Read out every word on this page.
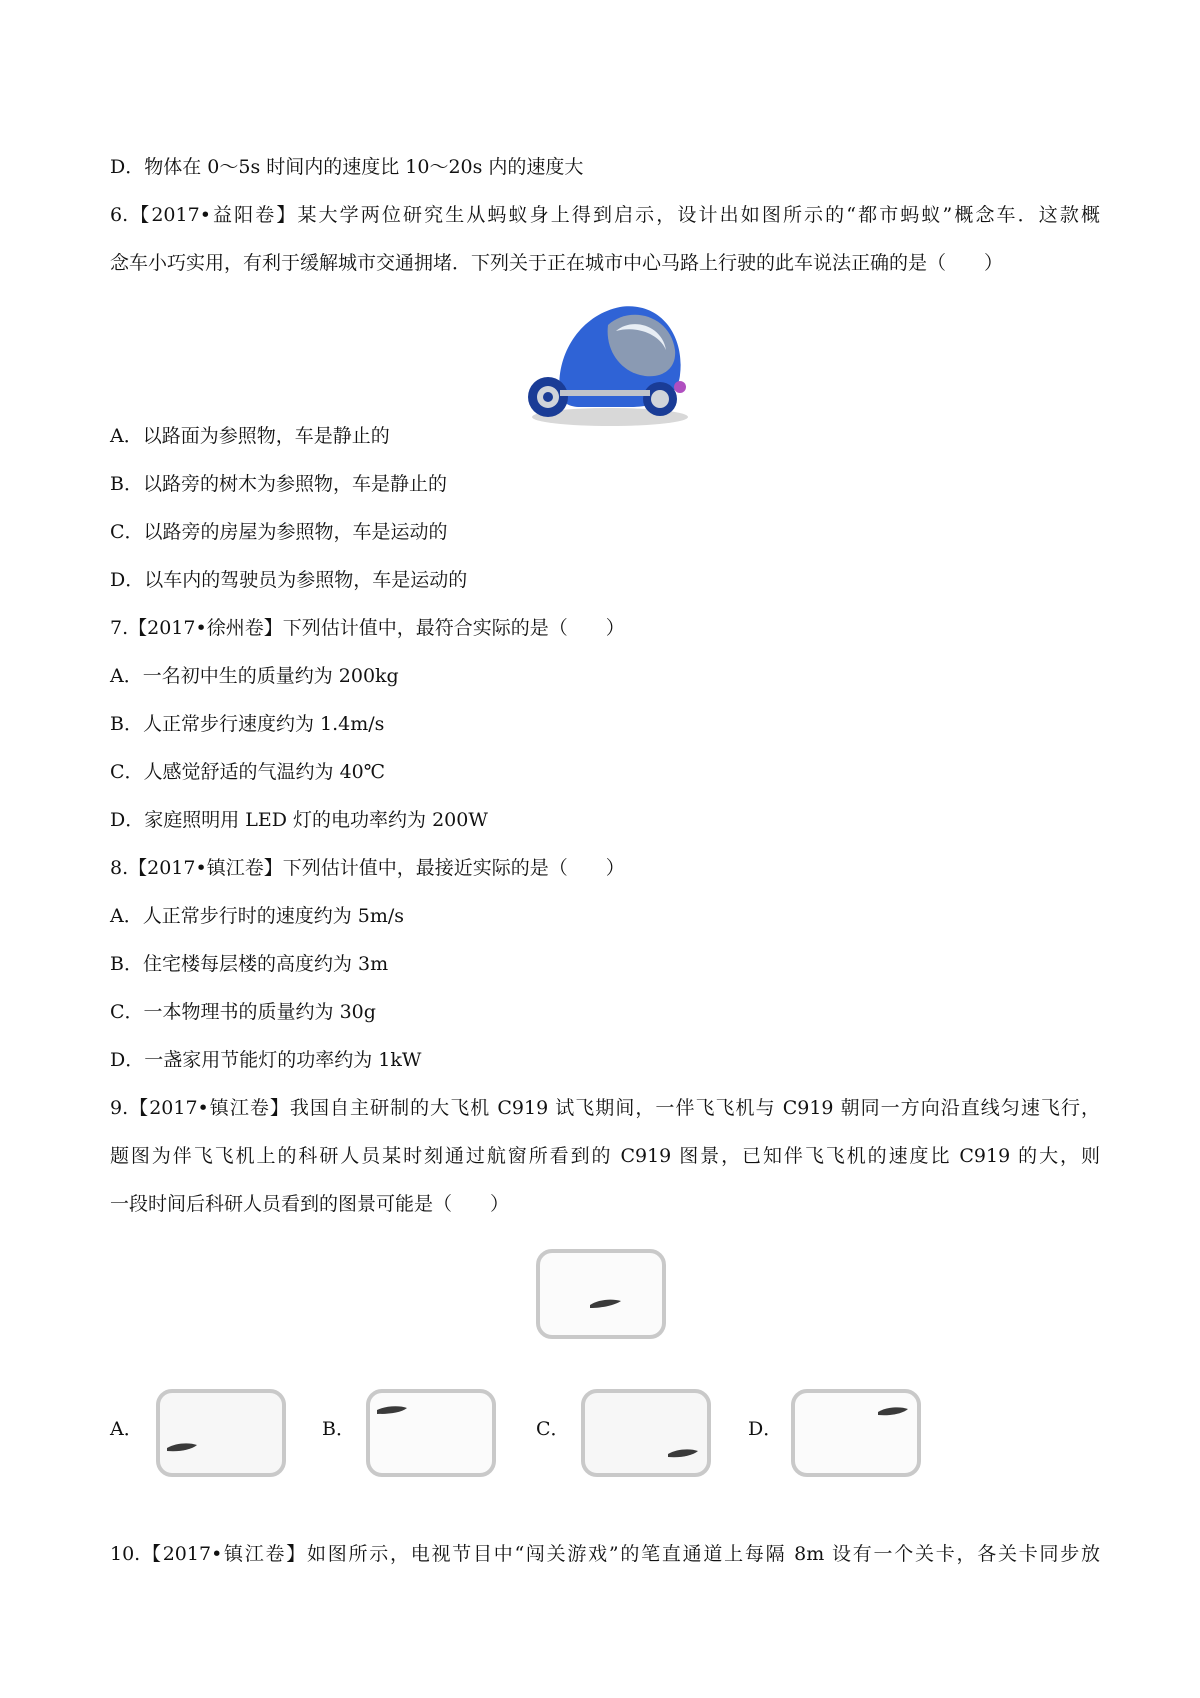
D．物体在 0～5s 时间内的速度比 10～20s 内的速度大
6.【2017•益阳卷】某大学两位研究生从蚂蚁身上得到启示，设计出如图所示的“都市蚂蚁”概念车．这款概
念车小巧实用，有利于缓解城市交通拥堵．下列关于正在城市中心马路上行驶的此车说法正确的是（　　）
A．以路面为参照物，车是静止的
B．以路旁的树木为参照物，车是静止的
C．以路旁的房屋为参照物，车是运动的
D．以车内的驾驶员为参照物，车是运动的
7.【2017•徐州卷】下列估计值中，最符合实际的是（　　）
A．一名初中生的质量约为 200kg
B．人正常步行速度约为 1.4m/s
C．人感觉舒适的气温约为 40℃
D．家庭照明用 LED 灯的电功率约为 200W
8.【2017•镇江卷】下列估计值中，最接近实际的是（　　）
A．人正常步行时的速度约为 5m/s
B．住宅楼每层楼的高度约为 3m
C．一本物理书的质量约为 30g
D．一盏家用节能灯的功率约为 1kW
9.【2017•镇江卷】我国自主研制的大飞机 C919 试飞期间，一伴飞飞机与 C919 朝同一方向沿直线匀速飞行，
题图为伴飞飞机上的科研人员某时刻通过航窗所看到的 C919 图景，已知伴飞飞机的速度比 C919 的大，则
一段时间后科研人员看到的图景可能是（　　）
A．	B．	C．	D．
10.【2017•镇江卷】如图所示，电视节目中“闯关游戏”的笔直通道上每隔 8m 设有一个关卡，各关卡同步放
